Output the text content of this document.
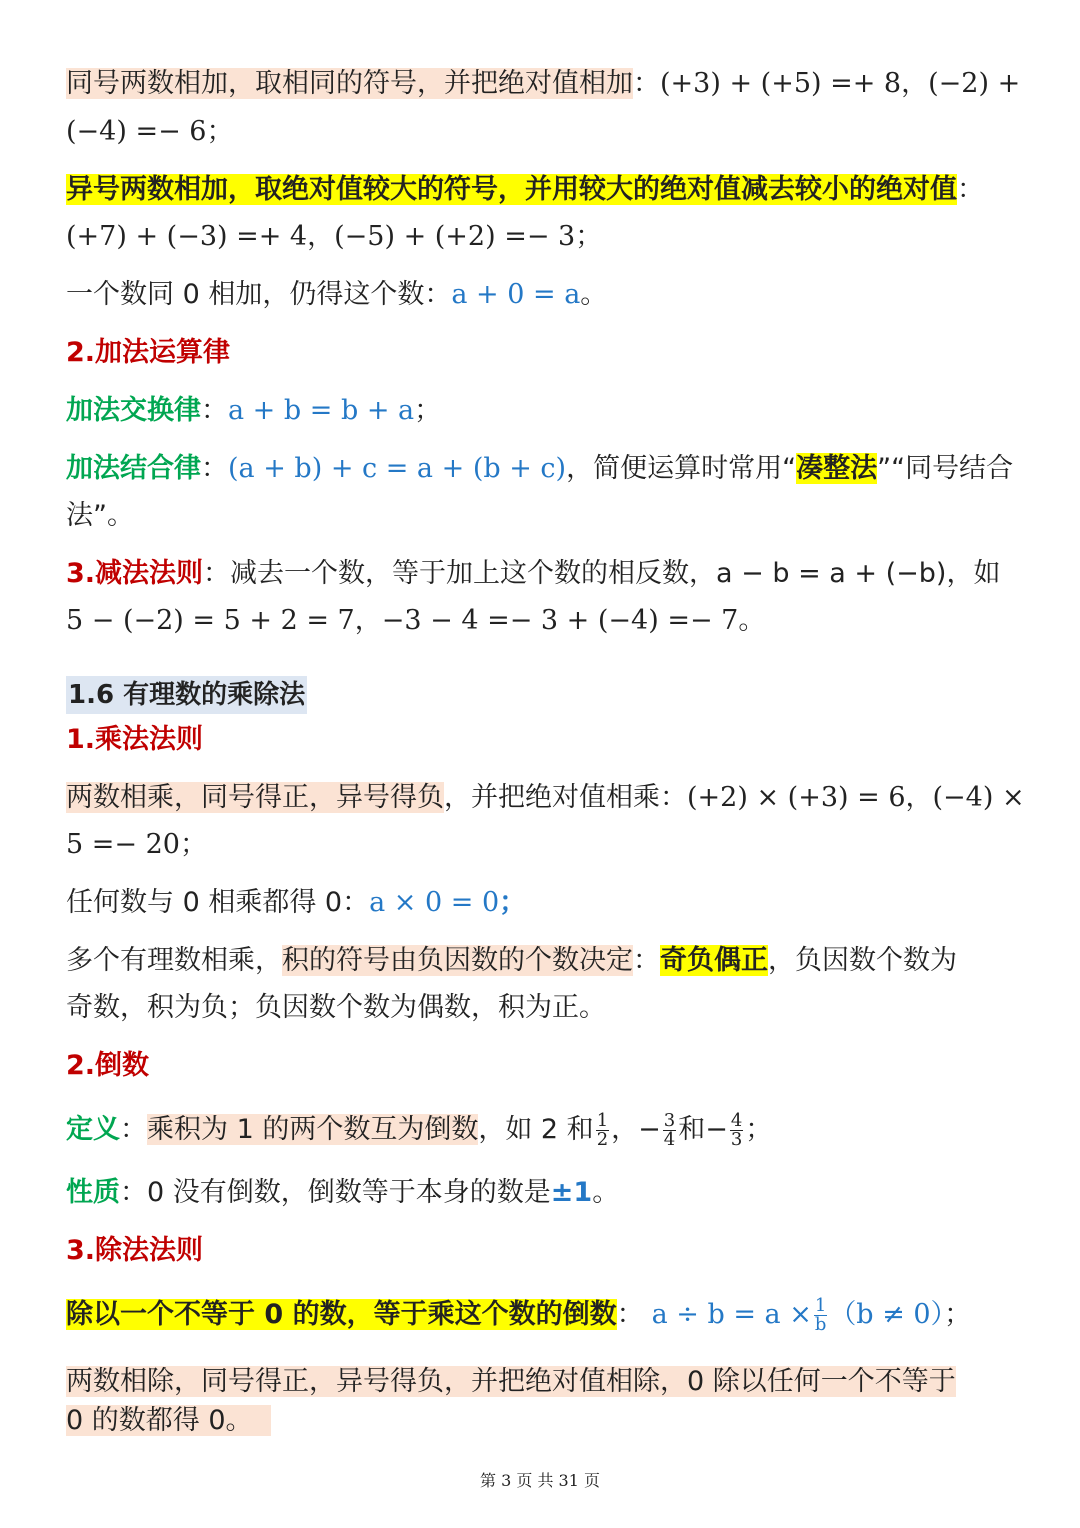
同号两数相加，取相同的符号，并把绝对值相加：(+3) + (+5) =+ 8，(−2) +
(−4) =− 6；
异号两数相加，取绝对值较大的符号，并用较大的绝对值减去较小的绝对值：
(+7) + (−3) =+ 4，(−5) + (+2) =− 3；
一个数同 0 相加，仍得这个数：a + 0 = a。
2.加法运算律
加法交换律：a + b = b + a；
加法结合律：(a + b) + c = a + (b + c)，简便运算时常用“凑整法”“同号结合
法”。
3.减法法则：减去一个数，等于加上这个数的相反数，a − b = a + (−b)，如
5 − (−2) = 5 + 2 = 7，−3 − 4 =− 3 + (−4) =− 7。
1.6 有理数的乘除法
1.乘法法则
两数相乘，同号得正，异号得负，并把绝对值相乘：(+2) × (+3) = 6，(−4) ×
5 =− 20；
任何数与 0 相乘都得 0：a × 0 = 0；
多个有理数相乘，积的符号由负因数的个数决定：奇负偶正，负因数个数为
奇数，积为负；负因数个数为偶数，积为正。
2.倒数
定义：乘积为 1 的两个数互为倒数，如 2 和 $\frac{1}{2}$ ，− $\frac{3}{4}$ 和− $\frac{4}{3}$ ；
性质：0 没有倒数，倒数等于本身的数是±1。
3.除法法则
除以一个不等于 0 的数，等于乘这个数的倒数： $a \div b = a \times \frac{1}{b} (b \ne 0)$；
两数相除，同号得正，异号得负，并把绝对值相除，0 除以任何一个不等于
0 的数都得 0。
第 3 页 共 31 页
